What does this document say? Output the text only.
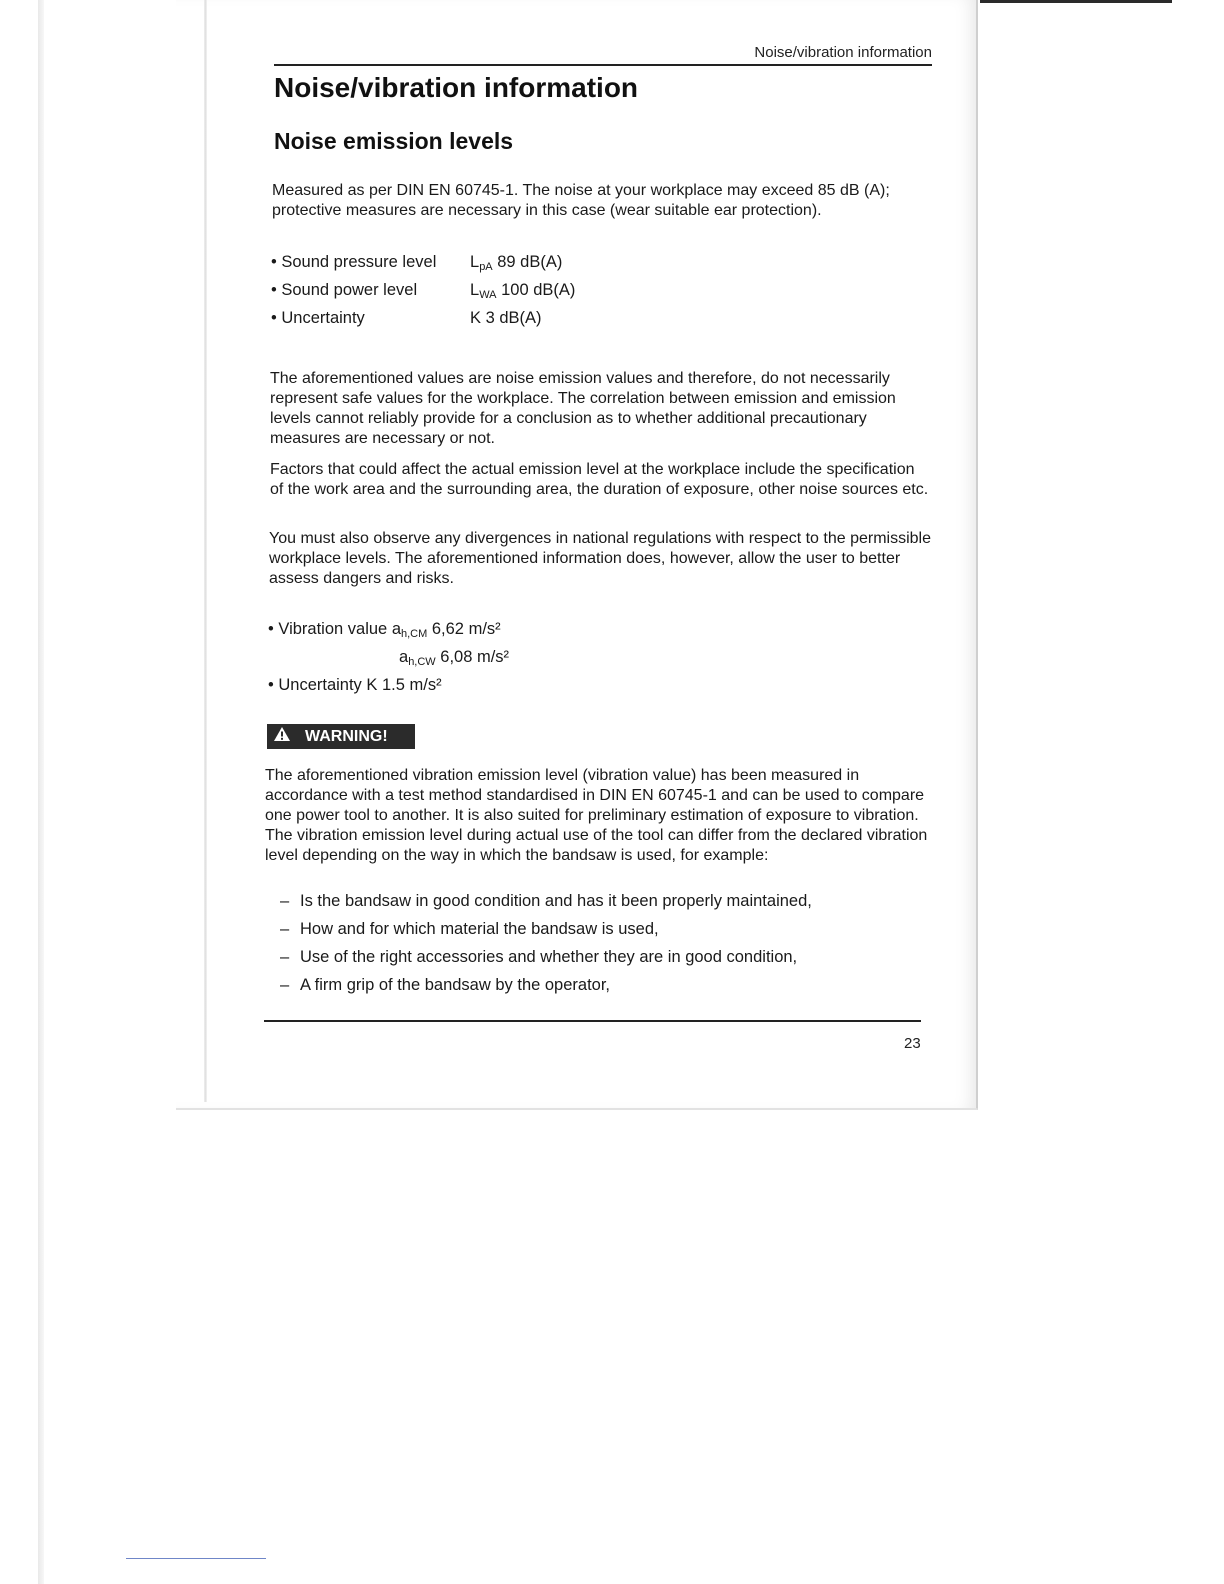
Noise/vibration information
Noise/vibration information
Noise emission levels

Measured as per DIN EN 60745-1. The noise at your workplace may exceed 85 dB (A); protective measures are necessary in this case (wear suitable ear protection).

• Sound pressure level $L_{pA}$ 89 dB(A)
• Sound power level	$L_{WA}$ 100 dB(A)
• Uncertainty	K 3 dB(A)

The aforementioned values are noise emission values and therefore, do not necessarily represent safe values for the workplace. The correlation between emission and emission levels cannot reliably provide for a conclusion as to whether additional precautionary measures are necessary or not.

Factors that could affect the actual emission level at the workplace include the specification of the work area and the surrounding area, the duration of exposure, other noise sources etc.

You must also observe any divergences in national regulations with respect to the permissible workplace levels. The aforementioned information does, however, allow the user to better assess dangers and risks.

• Vibration value $a_{h,CM}$ 6,62 m/s²
$a_{h,CW}$ 6,08 m/s²
• Uncertainty K 1.5 m/s²
WARNING!

The aforementioned vibration emission level (vibration value) has been measured in accordance with a test method standardised in DIN EN 60745-1 and can be used to compare one power tool to another. It is also suited for preliminary estimation of exposure to vibration. The vibration emission level during actual use of the tool can differ from the declared vibration level depending on the way in which the bandsaw is used, for example:

– Is the bandsaw in good condition and has it been properly maintained,
– How and for which material the bandsaw is used,
– Use of the right accessories and whether they are in good condition,
– A firm grip of the bandsaw by the operator,
23
